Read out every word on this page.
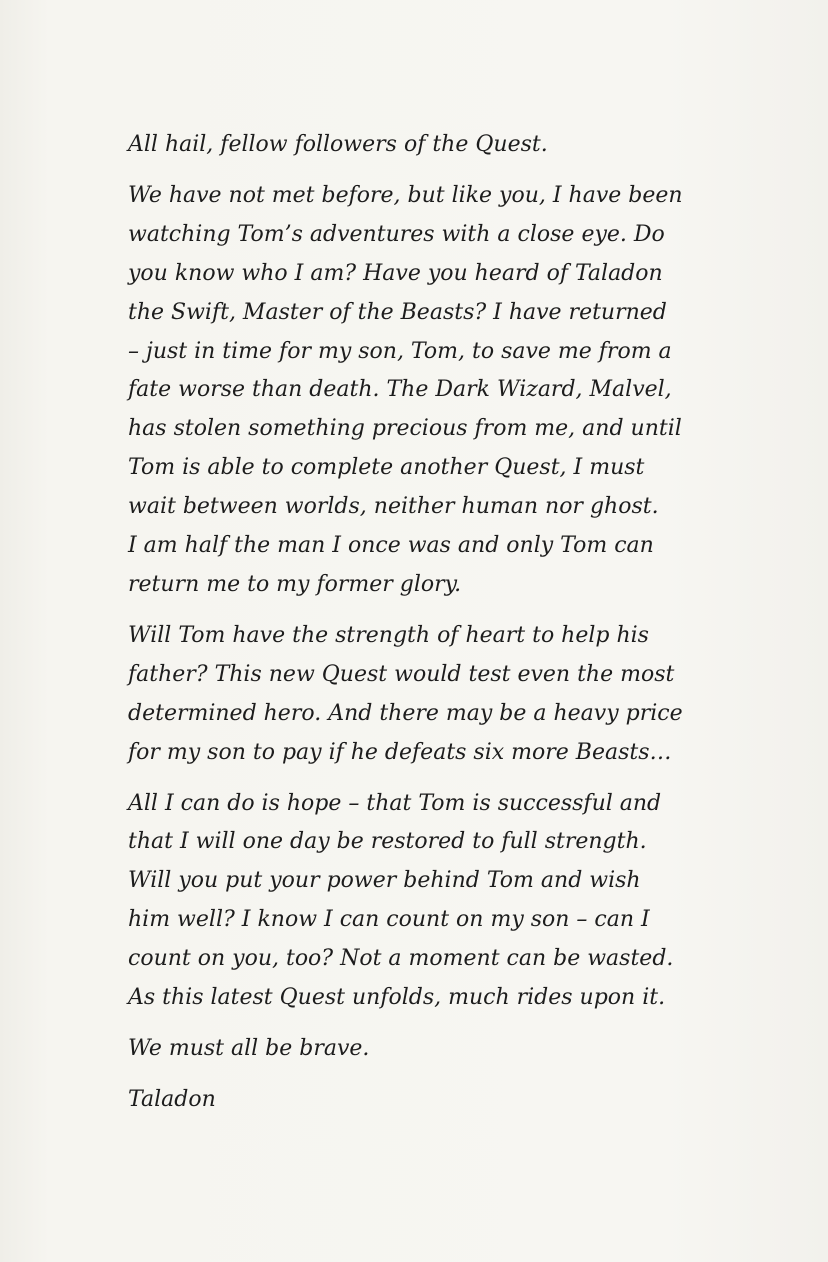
All hail, fellow followers of the Quest.

We have not met before, but like you, I have been
watching Tom’s adventures with a close eye. Do
you know who I am? Have you heard of Taladon
the Swift, Master of the Beasts? I have returned
– just in time for my son, Tom, to save me from a
fate worse than death. The Dark Wizard, Malvel,
has stolen something precious from me, and until
Tom is able to complete another Quest, I must
wait between worlds, neither human nor ghost.
I am half the man I once was and only Tom can
return me to my former glory.

Will Tom have the strength of heart to help his
father? This new Quest would test even the most
determined hero. And there may be a heavy price
for my son to pay if he defeats six more Beasts…

All I can do is hope – that Tom is successful and
that I will one day be restored to full strength.
Will you put your power behind Tom and wish
him well? I know I can count on my son – can I
count on you, too? Not a moment can be wasted.
As this latest Quest unfolds, much rides upon it.

We must all be brave.

Taladon
